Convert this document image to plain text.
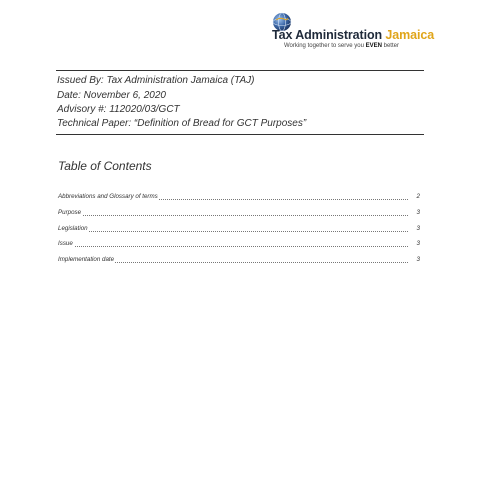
Tax Administration Jamaica
Working together to serve you EVEN better
Issued By: Tax Administration Jamaica (TAJ)
Date: November 6, 2020
Advisory #: 112020/03/GCT
Technical Paper: “Definition of Bread for GCT Purposes”
Table of Contents
Abbreviations and Glossary of terms	2
Purpose	3
Legislation	3
Issue	3
Implementation date	3
